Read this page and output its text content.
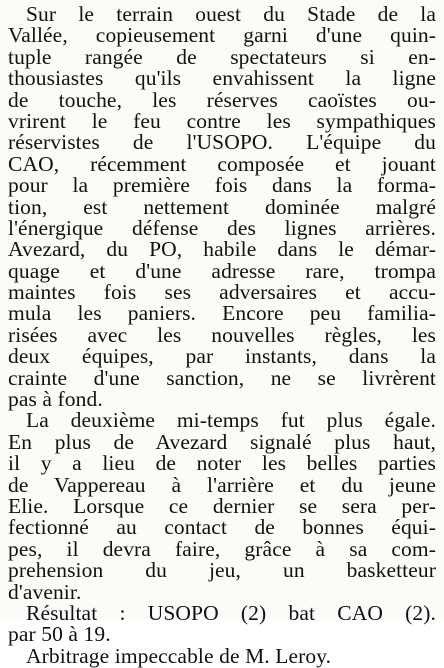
Sur le terrain ouest du Stade de la
Vallée, copieusement garni d'une quin-
tuple rangée de spectateurs si en-
thousiastes qu'ils envahissent la ligne
de touche, les réserves caoïstes ou-
vrirent le feu contre les sympathiques
réservistes de l'USOPO. L'équipe du
CAO, récemment composée et jouant
pour la première fois dans la forma-
tion, est nettement dominée malgré
l'énergique défense des lignes arrières.
Avezard, du PO, habile dans le démar-
quage et d'une adresse rare, trompa
maintes fois ses adversaires et accu-
mula les paniers. Encore peu familia-
risées avec les nouvelles règles, les
deux équipes, par instants, dans la
crainte d'une sanction, ne se livrèrent
pas à fond.
La deuxième mi-temps fut plus égale.
En plus de Avezard signalé plus haut,
il y a lieu de noter les belles parties
de Vappereau à l'arrière et du jeune
Elie. Lorsque ce dernier se sera per-
fectionné au contact de bonnes équi-
pes, il devra faire, grâce à sa com-
prehension du jeu, un basketteur
d'avenir.
Résultat : USOPO (2) bat CAO (2).
par 50 à 19.
Arbitrage impeccable de M. Leroy.
